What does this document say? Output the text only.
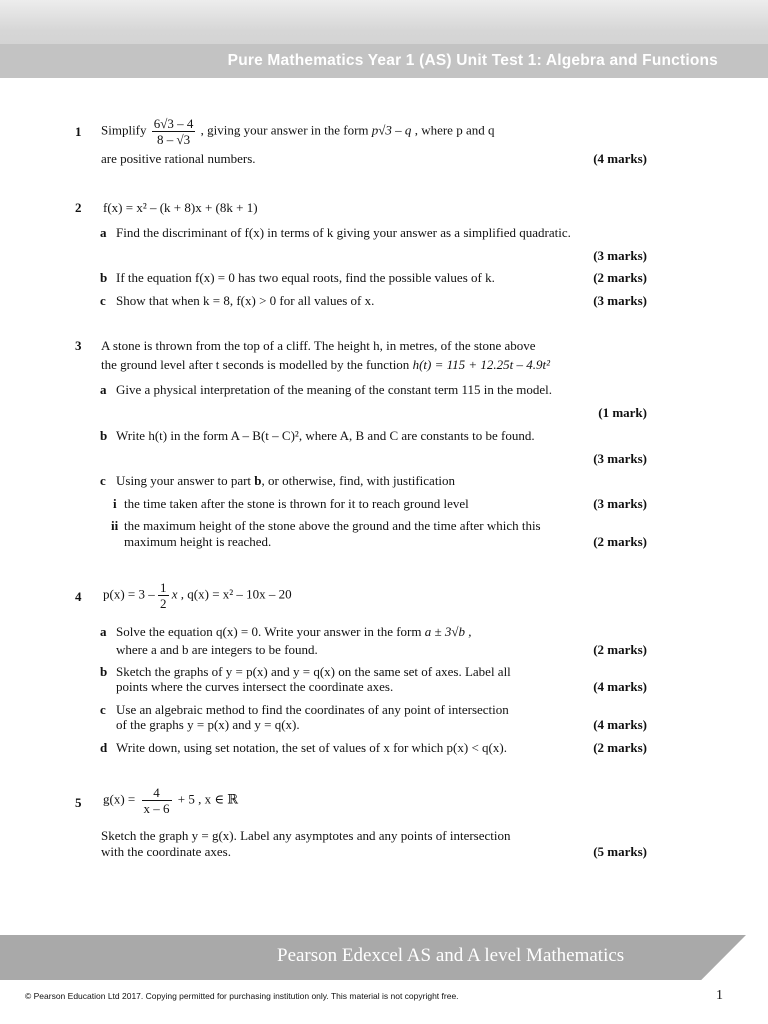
Pure Mathematics Year 1 (AS) Unit Test 1: Algebra and Functions
1 Simplify $\frac{6√3 - 4}{8 - √3}$ , giving your answer in the form p√3 – q , where p and q
are positive rational numbers.	(4 marks)
2 f(x) = x² – (k + 8)x + (8k + 1)
a Find the discriminant of f(x) in terms of k giving your answer as a simplified quadratic.
(3 marks)
b If the equation f(x) = 0 has two equal roots, find the possible values of k.	(2 marks)
c Show that when k = 8, f(x) > 0 for all values of x.	(3 marks)
3 A stone is thrown from the top of a cliff. The height h, in metres, of the stone above
the ground level after t seconds is modelled by the function h(t) = 115 + 12.25t – 4.9t²
a Give a physical interpretation of the meaning of the constant term 115 in the model.
(1 mark)
b Write h(t) in the form A – B(t – C)², where A, B and C are constants to be found.
(3 marks)
c Using your answer to part b, or otherwise, find, with justification
i the time taken after the stone is thrown for it to reach ground level	(3 marks)
ii the maximum height of the stone above the ground and the time after which this
maximum height is reached.	(2 marks)
4 $p(x) = 3 - \frac{1}{2}$ x , q(x) = x² – 10x – 20
a Solve the equation q(x) = 0. Write your answer in the form a ± 3√b ,
where a and b are integers to be found.	(2 marks)
b Sketch the graphs of y = p(x) and y = q(x) on the same set of axes. Label all
points where the curves intersect the coordinate axes.	(4 marks)
c Use an algebraic method to find the coordinates of any point of intersection
of the graphs y = p(x) and y = q(x).	(4 marks)
d Write down, using set notation, the set of values of x for which p(x) < q(x).	(2 marks)
5 $g(x) = \frac{4}{x - 6} + 5$ , x ∈ ℝ
Sketch the graph y = g(x). Label any asymptotes and any points of intersection
with the coordinate axes.	(5 marks)
Pearson Edexcel AS and A level Mathematics
© Pearson Education Ltd 2017. Copying permitted for purchasing institution only. This material is not copyright free.	1
